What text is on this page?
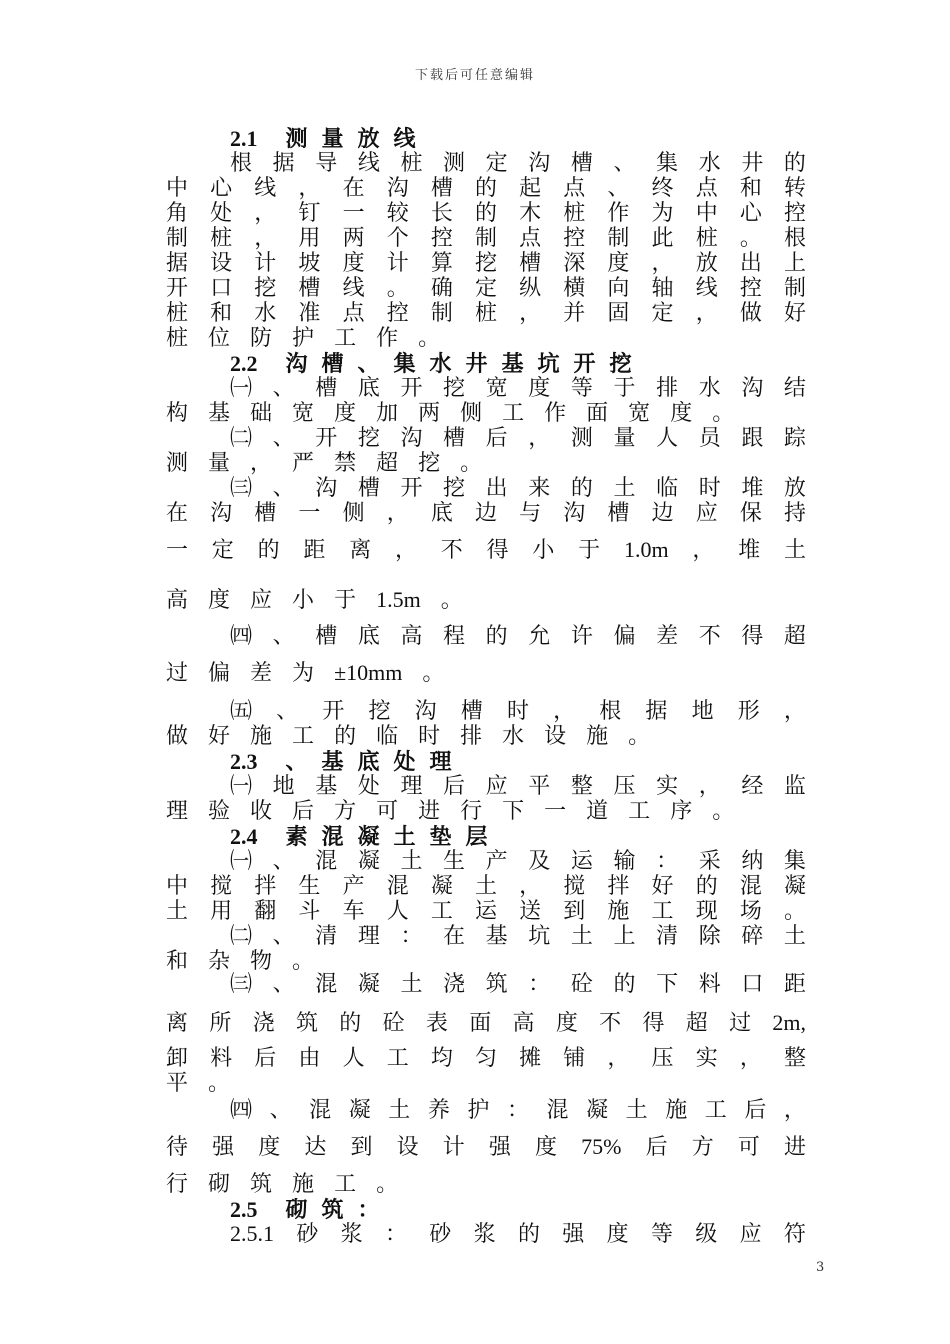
下载后可任意编辑
2.1 测量放线
根 据 导 线 桩 测 定 沟 槽 、 集 水 井 的
中 心 线 ， 在 沟 槽 的 起 点 、 终 点 和 转
角 处 ， 钉 一 较 长 的 木 桩 作 为 中 心 控
制 桩 ， 用 两 个 控 制 点 控 制 此 桩 。 根
据 设 计 坡 度 计 算 挖 槽 深 度 ， 放 出 上
开 口 挖 槽 线 。 确 定 纵 横 向 轴 线 控 制
桩 和 水 准 点 控 制 桩 ， 并 固 定 ， 做 好
桩 位 防 护 工 作 。
2.2 沟槽、集水井基坑开挖
㈠ 、 槽 底 开 挖 宽 度 等 于 排 水 沟 结
构 基 础 宽 度 加 两 侧 工 作 面 宽 度 。
㈡ 、 开 挖 沟 槽 后 ， 测 量 人 员 跟 踪
测 量 ， 严 禁 超 挖 。
㈢ 、 沟 槽 开 挖 出 来 的 土 临 时 堆 放
在 沟 槽 一 侧 ， 底 边 与 沟 槽 边 应 保 持
一 定 的 距 离 ， 不 得 小 于 1.0m ， 堆 土
高 度 应 小 于 1.5m 。
㈣ 、 槽 底 高 程 的 允 许 偏 差 不 得 超
过 偏 差 为 ±10mm 。
㈤ 、 开 挖 沟 槽 时 ， 根 据 地 形 ，
做 好 施 工 的 临 时 排 水 设 施 。
2.3 、基底处理
㈠ 地 基 处 理 后 应 平 整 压 实 ， 经 监
理 验 收 后 方 可 进 行 下 一 道 工 序 。
2.4 素混凝土垫层
㈠ 、 混 凝 土 生 产 及 运 输 ： 采 纳 集
中 搅 拌 生 产 混 凝 土 ， 搅 拌 好 的 混 凝
土 用 翻 斗 车 人 工 运 送 到 施 工 现 场 。
㈡ 、 清 理 ： 在 基 坑 土 上 清 除 碎 土
和 杂 物 。
㈢ 、 混 凝 土 浇 筑 ： 砼 的 下 料 口 距
离 所 浇 筑 的 砼 表 面 高 度 不 得 超 过 2m,
卸 料 后 由 人 工 均 匀 摊 铺 ， 压 实 ， 整
平 。
㈣ 、 混 凝 土 养 护 ： 混 凝 土 施 工 后 ，
待 强 度 达 到 设 计 强 度 75% 后 方 可 进
行 砌 筑 施 工 。
2.5 砌筑：
2.5.1 砂 浆 ： 砂 浆 的 强 度 等 级 应 符
3
